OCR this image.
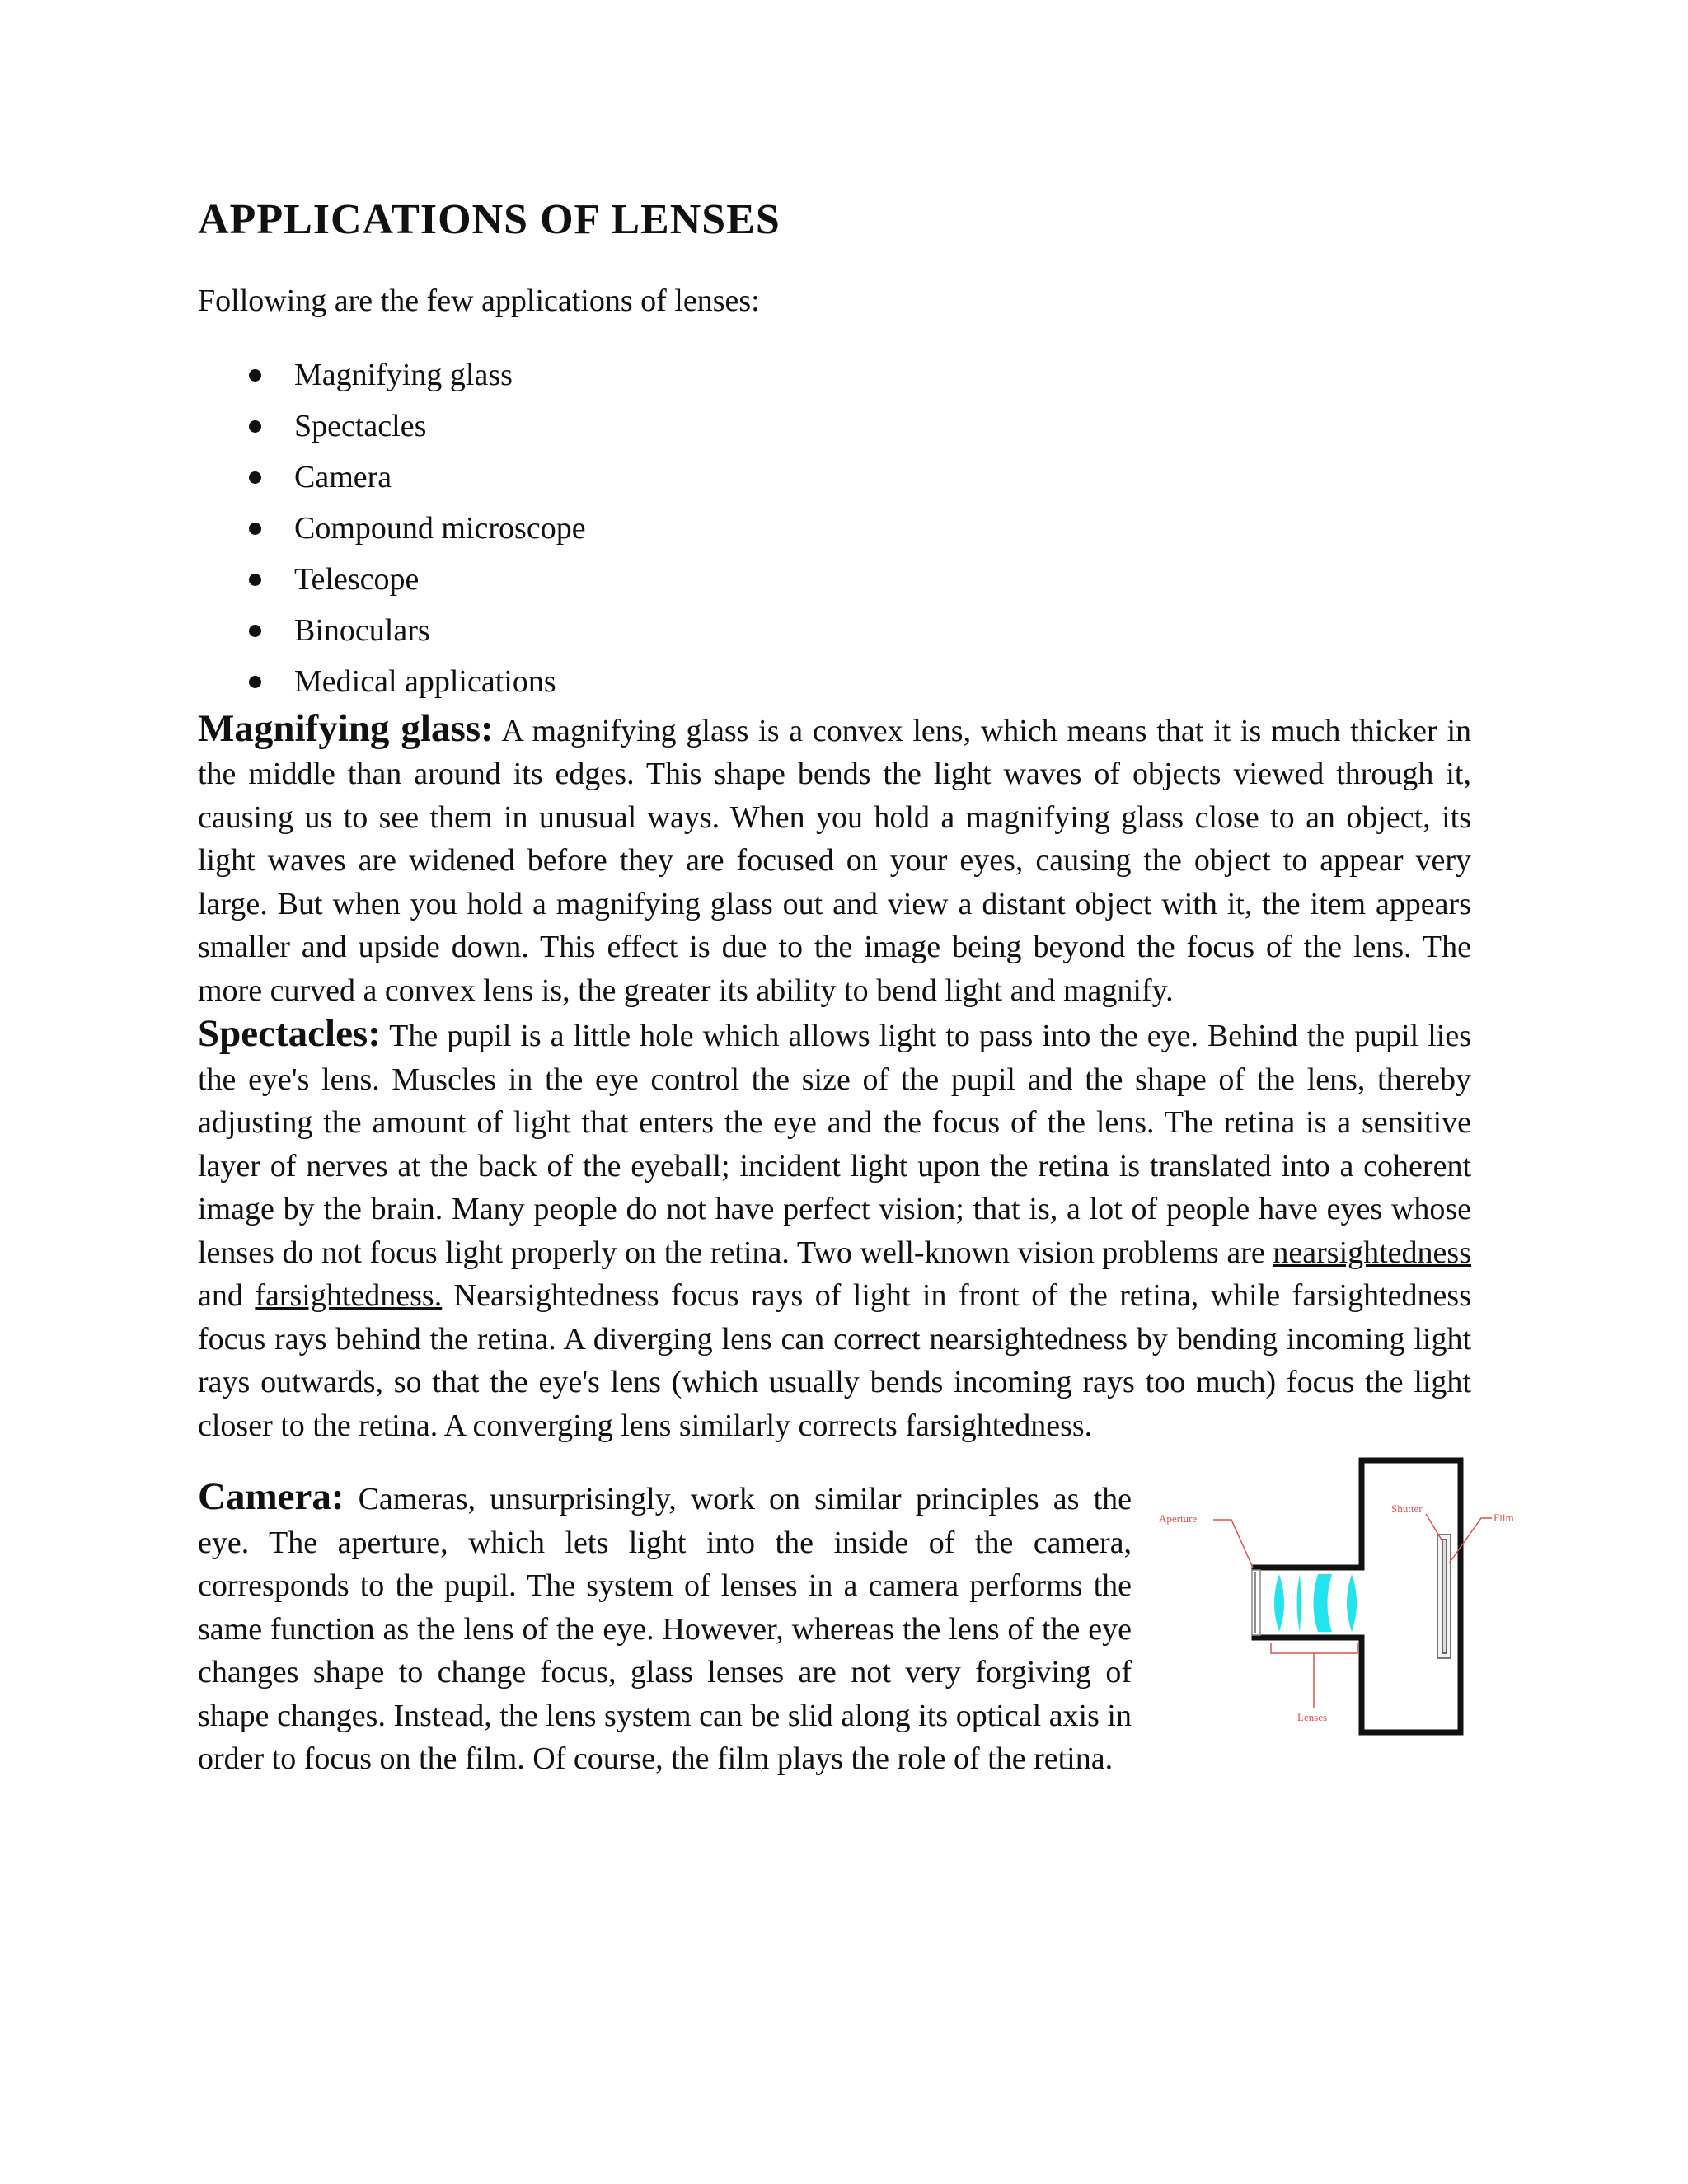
APPLICATIONS OF LENSES

Following are the few applications of lenses:

Magnifying glass
Spectacles
Camera
Compound microscope
Telescope
Binoculars
Medical applications

Magnifying glass: A magnifying glass is a convex lens, which means that it is much thicker in the middle than around its edges. This shape bends the light waves of objects viewed through it, causing us to see them in unusual ways. When you hold a magnifying glass close to an object, its light waves are widened before they are focused on your eyes, causing the object to appear very large. But when you hold a magnifying glass out and view a distant object with it, the item appears smaller and upside down. This effect is due to the image being beyond the focus of the lens. The more curved a convex lens is, the greater its ability to bend light and magnify.

Spectacles: The pupil is a little hole which allows light to pass into the eye. Behind the pupil lies the eye's lens. Muscles in the eye control the size of the pupil and the shape of the lens, thereby adjusting the amount of light that enters the eye and the focus of the lens. The retina is a sensitive layer of nerves at the back of the eyeball; incident light upon the retina is translated into a coherent image by the brain. Many people do not have perfect vision; that is, a lot of people have eyes whose lenses do not focus light properly on the retina. Two well-known vision problems are nearsightedness and farsightedness. Nearsightedness focus rays of light in front of the retina, while farsightedness focus rays behind the retina. A diverging lens can correct nearsightedness by bending incoming light rays outwards, so that the eye's lens (which usually bends incoming rays too much) focus the light closer to the retina. A converging lens similarly corrects farsightedness.

Camera: Cameras, unsurprisingly, work on similar principles as the eye. The aperture, which lets light into the inside of the camera, corresponds to the pupil. The system of lenses in a camera performs the same function as the lens of the eye. However, whereas the lens of the eye changes shape to change focus, glass lenses are not very forgiving of shape changes. Instead, the lens system can be slid along its optical axis in order to focus on the film. Of course, the film plays the role of the retina.

Aperture
Shutter
Film
Lenses
